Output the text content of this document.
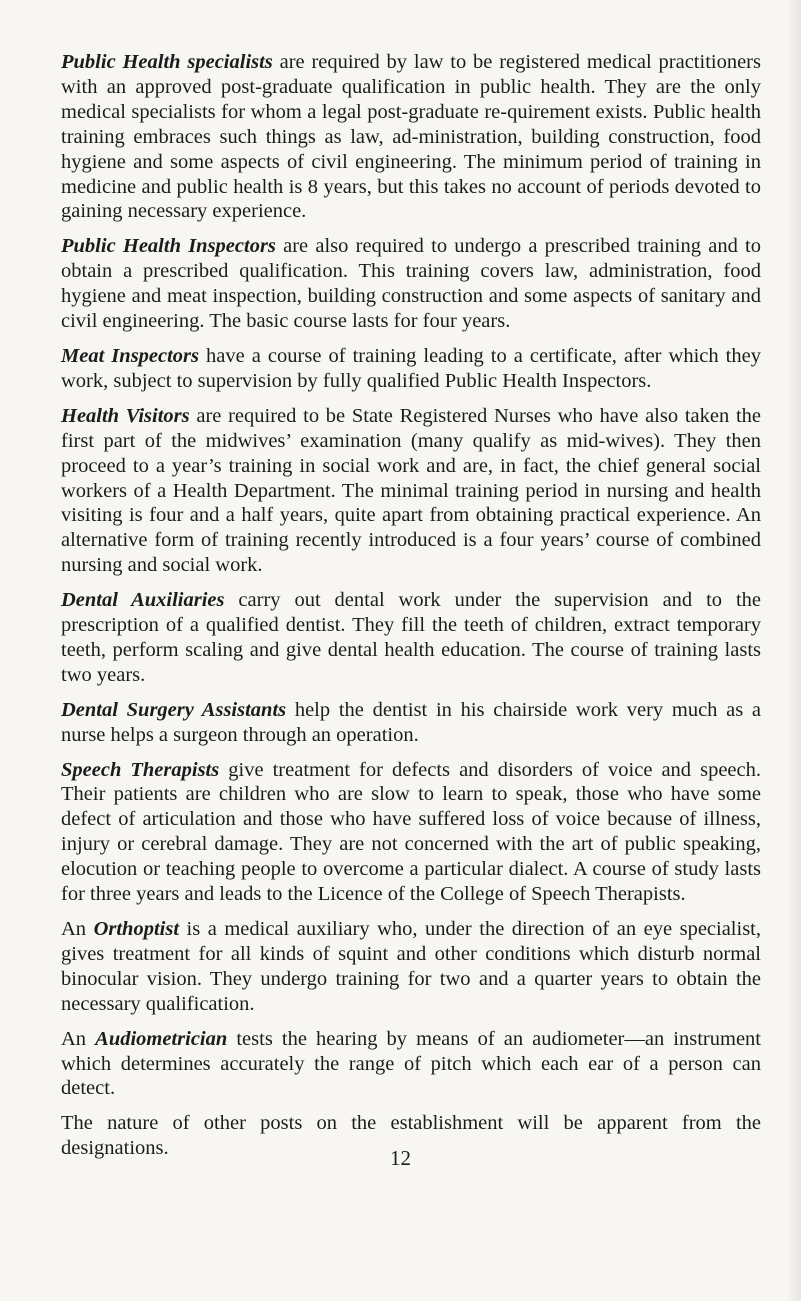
Public Health specialists are required by law to be registered medical practitioners with an approved post-graduate qualification in public health. They are the only medical specialists for whom a legal post-graduate re-quirement exists. Public health training embraces such things as law, ad-ministration, building construction, food hygiene and some aspects of civil engineering. The minimum period of training in medicine and public health is 8 years, but this takes no account of periods devoted to gaining necessary experience.

Public Health Inspectors are also required to undergo a prescribed training and to obtain a prescribed qualification. This training covers law, administration, food hygiene and meat inspection, building construction and some aspects of sanitary and civil engineering. The basic course lasts for four years.

Meat Inspectors have a course of training leading to a certificate, after which they work, subject to supervision by fully qualified Public Health Inspectors.

Health Visitors are required to be State Registered Nurses who have also taken the first part of the midwives’ examination (many qualify as mid-wives). They then proceed to a year’s training in social work and are, in fact, the chief general social workers of a Health Department. The minimal training period in nursing and health visiting is four and a half years, quite apart from obtaining practical experience. An alternative form of training recently introduced is a four years’ course of combined nursing and social work.

Dental Auxiliaries carry out dental work under the supervision and to the prescription of a qualified dentist. They fill the teeth of children, extract temporary teeth, perform scaling and give dental health education. The course of training lasts two years.

Dental Surgery Assistants help the dentist in his chairside work very much as a nurse helps a surgeon through an operation.

Speech Therapists give treatment for defects and disorders of voice and speech. Their patients are children who are slow to learn to speak, those who have some defect of articulation and those who have suffered loss of voice because of illness, injury or cerebral damage. They are not concerned with the art of public speaking, elocution or teaching people to overcome a particular dialect. A course of study lasts for three years and leads to the Licence of the College of Speech Therapists.

An Orthoptist is a medical auxiliary who, under the direction of an eye specialist, gives treatment for all kinds of squint and other conditions which disturb normal binocular vision. They undergo training for two and a quarter years to obtain the necessary qualification.

An Audiometrician tests the hearing by means of an audiometer—an instrument which determines accurately the range of pitch which each ear of a person can detect.

The nature of other posts on the establishment will be apparent from the designations.	12
